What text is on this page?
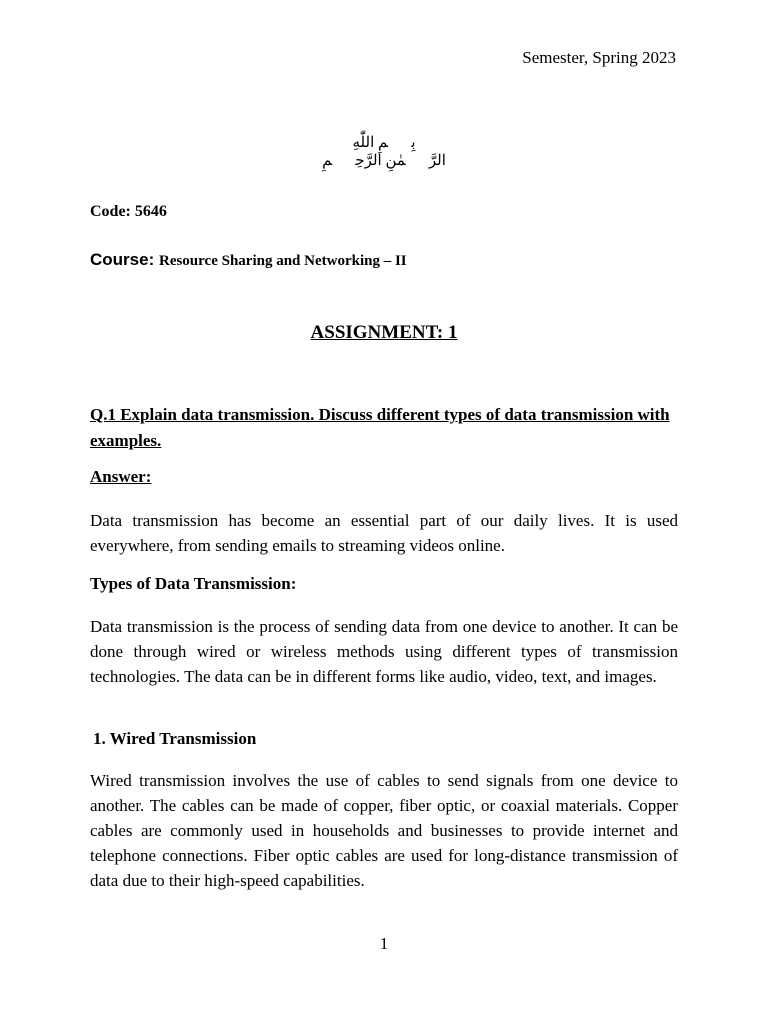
Semester, Spring 2023
بِسۡمِ اللّٰهِ
الرَّحۡمٰنِ الرَّحِيۡمِ
Code: 5646
Course: Resource Sharing and Networking – II
ASSIGNMENT: 1
Q.1 Explain data transmission. Discuss different types of data transmission with examples.
Answer:
Data transmission has become an essential part of our daily lives. It is used everywhere, from sending emails to streaming videos online.
Types of Data Transmission:
Data transmission is the process of sending data from one device to another. It can be done through wired or wireless methods using different types of transmission technologies. The data can be in different forms like audio, video, text, and images.
1. Wired Transmission
Wired transmission involves the use of cables to send signals from one device to another. The cables can be made of copper, fiber optic, or coaxial materials. Copper cables are commonly used in households and businesses to provide internet and telephone connections. Fiber optic cables are used for long-distance transmission of data due to their high-speed capabilities.
1
